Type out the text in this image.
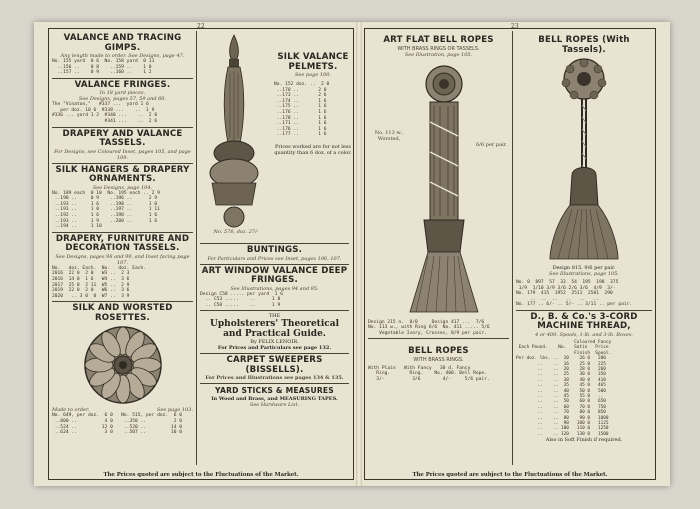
22
VALANCE AND TRACING GIMPS.
Any length made to order. See Designs, page 47.
No. 155 yard  0 6  No. 158 yard  0 11
..156 ..    0 8    ..159 ..    1 0
..157 ..    0 9    ..160 ..    1 2
VALANCE FRINGES.
In 18 yard pieces.
See Designs, pages 57, 59 and 60.
The "Vinaton,"   #337 ...  yard 1 6
per doz. 10 6  #338 ...    ..  1 9
#336 ... yard 1 2  #340 ...    ..  2 0
#341 ...    ..  2 6
DRAPERY AND VALANCE TASSELS.
For Designs, see Coloured Inset, pages 105, and page 109.
SILK HANGERS & DRAPERY ORNAMENTS.
See Designs, page 104.
No. 189 each  0 10  No. 195 each .. 2 9
..190 ..     0 9    ..196 ..      2 9
..193 ..     1 6    ..198 ..      1 0
..191 ..     1 0    ..197 ..      1 11
..192 ..     1 6    ..198 ..      1 6
..193 ..     1 9    ..200 ..      1 6
..194 ..     1 10
DRAPERY, FURNITURE AND DECORATION TASSELS.
See Designs, pages 98 and 99, and Inset facing page 107.
No.   doz. Each.  No.   doz. Each.
2016  22 0  2 0   W3 ..  2 3
2016  14 0  1 6   W4 ..  3 6
2017  25 0  2 11  W5 ..  2 9
2019  22 0  2 0   W6 ..  3 6
2020   .. 3 0  0  W7 ..  3 9
SILK AND WORSTED ROSETTES.
Made to order.	See page 103.
No. 649, per doz.  6 0   No. 515, per doz.  6 0
..800 ..          4 0    ..350 ..          2 0
..524 ..         12 0    ..520 ..         14 0
..624 ..          3 0    ..507 ..         10 0
SILK VALANCE PELMETS.
See page 100.
No. 152 doz. ..  2 0
..170 ..       2 0
..173 ..       2 6
..174 ..       1 6
..175 ..       1 6
..176 ..       1 6
..178 ..       1 6
..171 ..       1 6
..176 ..       1 6
..177 ..       1 6
Prices worked are for not less quantity than 6 doz. of a color.
No. 576, doz. 27/-
BUNTINGS.
For Particulars and Prices see Inset, pages 106, 107.
ART WINDOW VALANCE DEEP FRINGES.
See Illustrations, pages 94 and 95.
Design C58 ..... per yard  1 6
.. C53 .....    ..      1 8
.. C50 .....    ..      1 9
THE
Upholsterers' Theoretical and Practical Guide.
By FELIX LENOIR.
For Prices and Particulars see page 132.
CARPET SWEEPERS (BISSELLS).
For Prices and Illustrations see pages 134 & 135.
YARD STICKS & MEASURES
In Wood and Brass, and MEASURING TAPES.
See Hardware List.
The Prices quoted are subject to the Fluctuations of the Market.
23
ART FLAT BELL ROPES
WITH BRASS RINGS OR TASSELS.
See Illustration, page 105.
No. 113 w., Worsted,
6/6 per pair.
Design 215 n.  8/0     Design 417 ...  7/6
No. 113 w., with Ring 6/6  No. 411 ..... 5/6
Vegetable Ivory, Crosses, 8/9 per pair.
BELL ROPES
WITH BRASS RINGS.
With Plain   With Fancy   30 d. Fancy
Ring.       Ring.    No. 400. Bell Rope.
3/-          3/6        4/-     5/6 pair.
BELL ROPES (With Tassels).
Design 815, 9/6 per pair.
See Illustrations, page 105.
No. 0  897  57  33  54  195  198  375
1/9  1/10 3/9 3/6 2/6 3/6  4/9  3/-
No. 179  415  1952  2511  2581  290
..  ..  ..   ..   ..   ..
No. 177 .. 6/- .. 5/- .. 3/11 .. per pair.
D., B. & Co.'s 3-CORD MACHINE THREAD,
4 or 400. Spools, 1-lb. and 3-lb. Boxes.
Coloured Fancy
Each Pound.    No.   Satin   Price
Finish  Spool.
Per doz. lbs. ..  10    26 0   200
..    ..  16    25 0   225
..    ..  20    28 0   260
..    ..  25    30 0   350
..    ..  30    40 0   410
..    ..  35    45 0   465
..    ..  40    50 0   500
..    ..  45    55 0   ..
..    ..  50    60 0   650
..    ..  60    70 0   750
..    ..  70    80 0   850
..    ..  80    90 0   1000
..    ..  90   100 0   1125
..    .. 100   110 0   1250
..    .. 120   130 0   1500
Also in Soft Finish if required.
The Prices quoted are subject to the Fluctuations of the Market.
